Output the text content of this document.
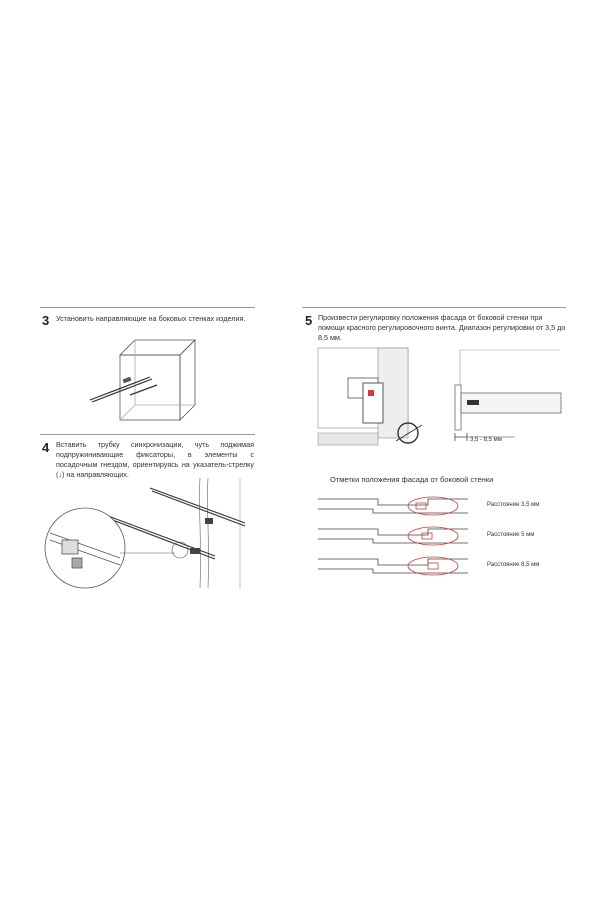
3 Установить направляющие на боковых стенках изделия.
4 Вставить трубку синхронизации, чуть поджимая подпружинивающие фиксаторы, в элементы с посадочным гнездом, ориентируясь на указатель-стрелку (↓) на направляющих.
5 Произвести регулировку положения фасада от боковой стенки при помощи красного регулировочного винта. Диапазон регулировки от 3,5 до 8,5 мм.
3,5 - 8,5 мм
Отметки положения фасада от боковой стенки
Расстояние 3,5 мм
Расстояние 5 мм
Расстояние 8,5 мм
